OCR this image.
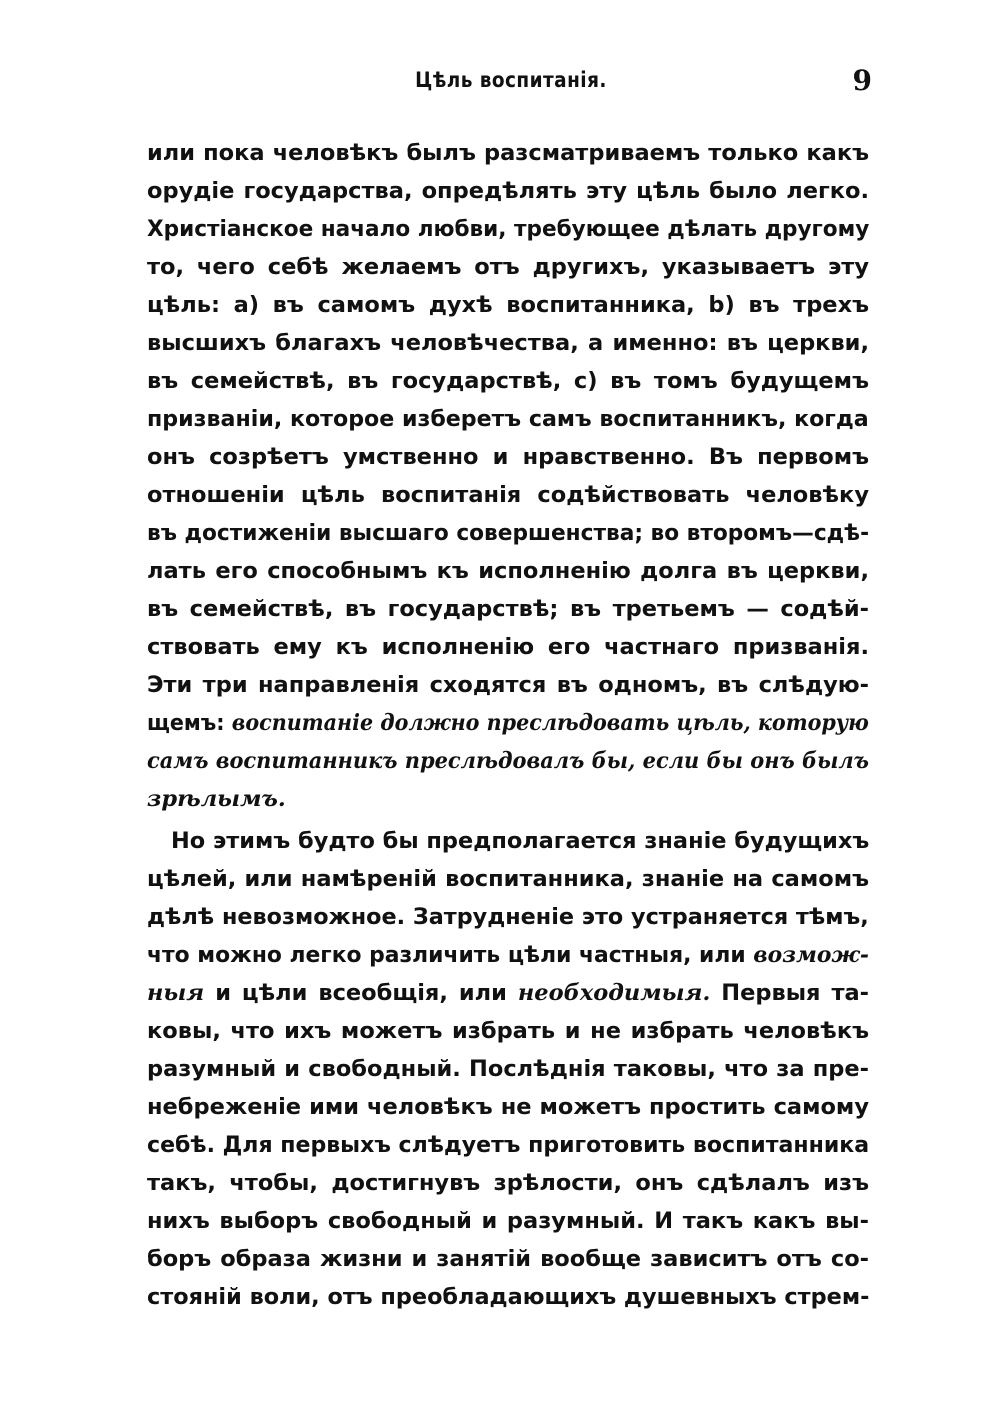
Цѣль воспитанія.	9
или пока человѣкъ былъ разсматриваемъ только какъ
орудіе государства, опредѣлять эту цѣль было легко.
Христіанское начало любви, требующее дѣлать другому
то, чего себѣ желаемъ отъ другихъ, указываетъ эту
цѣль: а) въ самомъ духѣ воспитанника, b) въ трехъ
высшихъ благахъ человѣчества, а именно: въ церкви,
въ семействѣ, въ государствѣ, с) въ томъ будущемъ
призваніи, которое изберетъ самъ воспитанникъ, когда
онъ созрѣетъ умственно и нравственно. Въ первомъ
отношеніи цѣль воспитанія содѣйствовать человѣку
въ достиженіи высшаго совершенства; во второмъ—сдѣ-
лать его способнымъ къ исполненію долга въ церкви,
въ семействѣ, въ государствѣ; въ третьемъ — содѣй-
ствовать ему къ исполненію его частнаго призванія.
Эти три направленія сходятся въ одномъ, въ слѣдую-
щемъ: воспитаніе должно преслѣдовать цѣль, которую
самъ воспитанникъ преслѣдовалъ бы, если бы онъ былъ
зрѣлымъ.
Но этимъ будто бы предполагается знаніе будущихъ
цѣлей, или намѣреній воспитанника, знаніе на самомъ
дѣлѣ невозможное. Затрудненіе это устраняется тѣмъ,
что можно легко различить цѣли частныя, или возмож-
ныя и цѣли всеобщія, или необходимыя. Первыя та-
ковы, что ихъ можетъ избрать и не избрать человѣкъ
разумный и свободный. Послѣднія таковы, что за пре-
небреженіе ими человѣкъ не можетъ простить самому
себѣ. Для первыхъ слѣдуетъ приготовить воспитанника
такъ, чтобы, достигнувъ зрѣлости, онъ сдѣлалъ изъ
нихъ выборъ свободный и разумный. И такъ какъ вы-
боръ образа жизни и занятій вообще зависитъ отъ со-
стояній воли, отъ преобладающихъ душевныхъ стрем-
